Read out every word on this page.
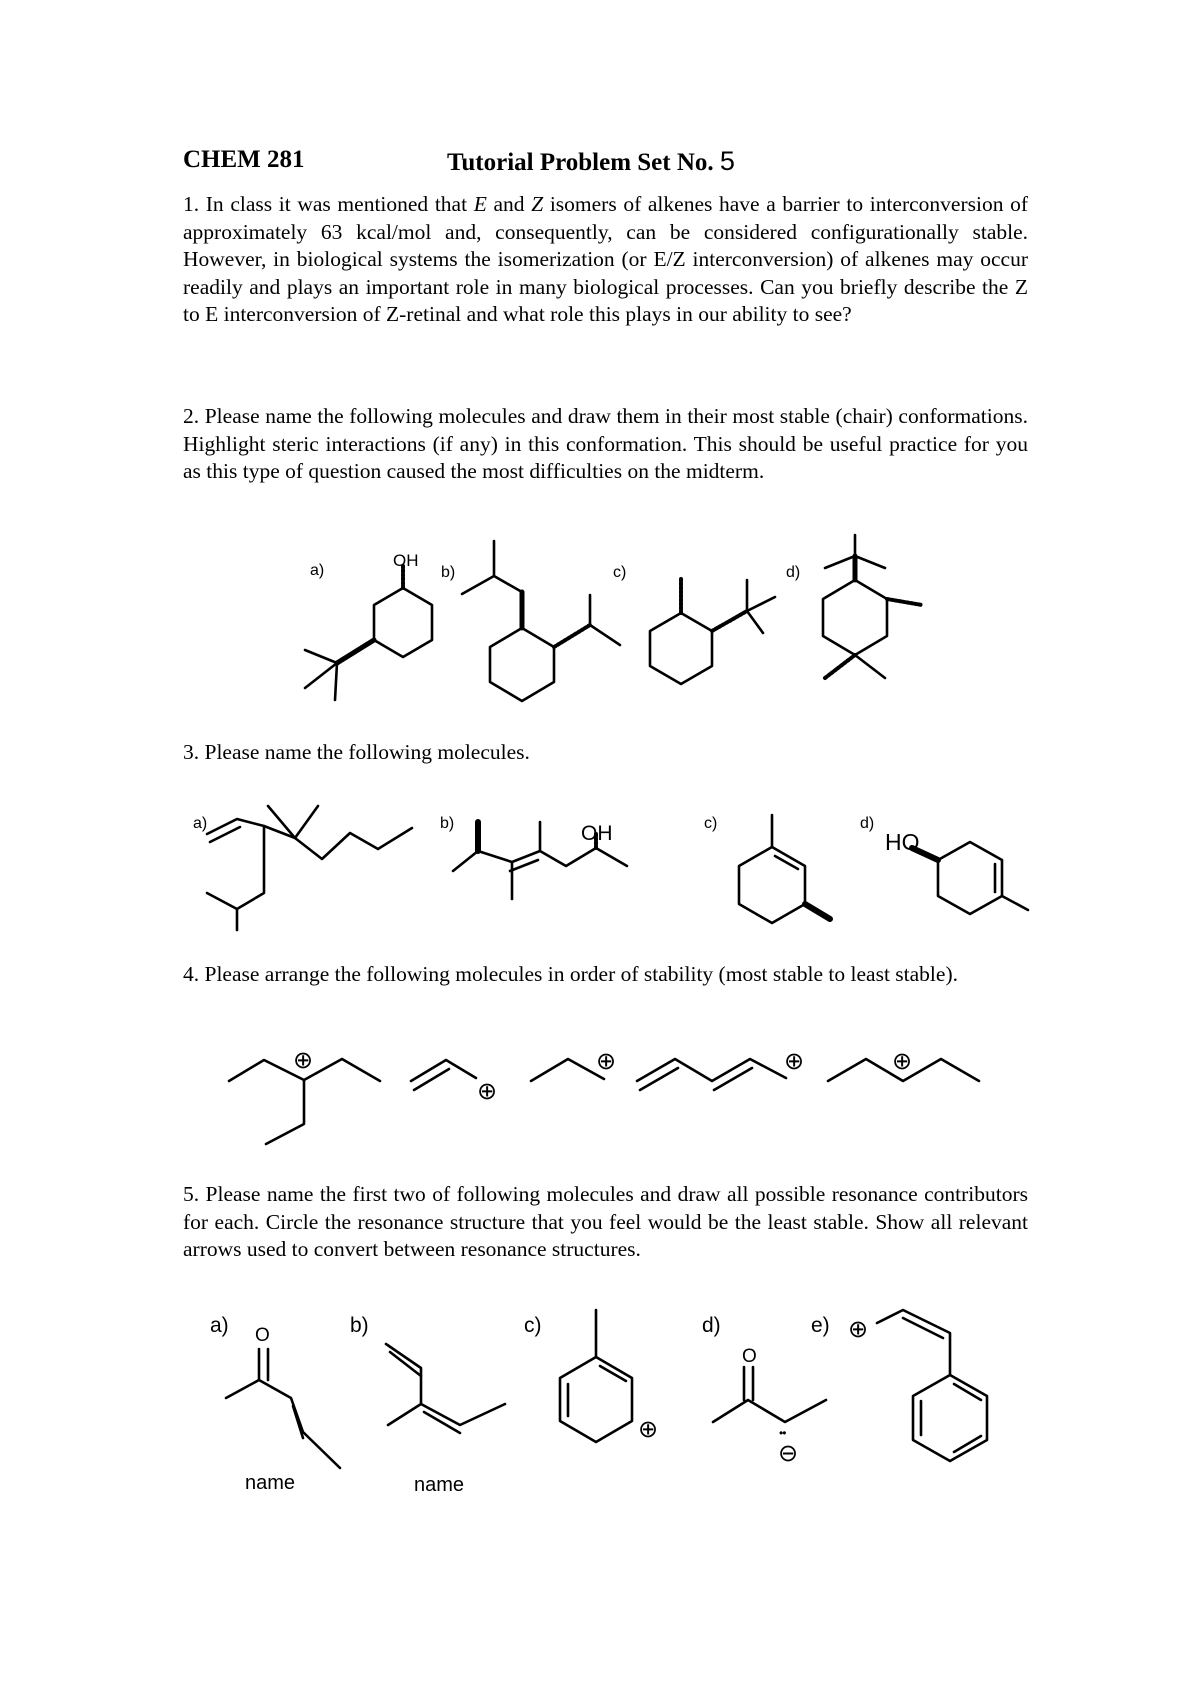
CHEM 281	Tutorial Problem Set No. 5
1. In class it was mentioned that E and Z isomers of alkenes have a barrier to interconversion of approximately 63 kcal/mol and, consequently, can be considered configurationally stable. However, in biological systems the isomerization (or E/Z interconversion) of alkenes may occur readily and plays an important role in many biological processes. Can you briefly describe the Z to E interconversion of Z-retinal and what role this plays in our ability to see?
2. Please name the following molecules and draw them in their most stable (chair) conformations. Highlight steric interactions (if any) in this conformation. This should be useful practice for you as this type of question caused the most difficulties on the midterm.
3. Please name the following molecules.
4. Please arrange the following molecules in order of stability (most stable to least stable).
5. Please name the first two of following molecules and draw all possible resonance contributors for each. Circle the resonance structure that you feel would be the least stable. Show all relevant arrows used to convert between resonance structures.
a)
OH
b)	c)	d)
a)	b)	OH	c)	d)
HO
⊕
⊕
⊕	⊕	⊕
a) O	b)	c)
⊕
d)
O
••
⊖
e) ⊕
name	name
